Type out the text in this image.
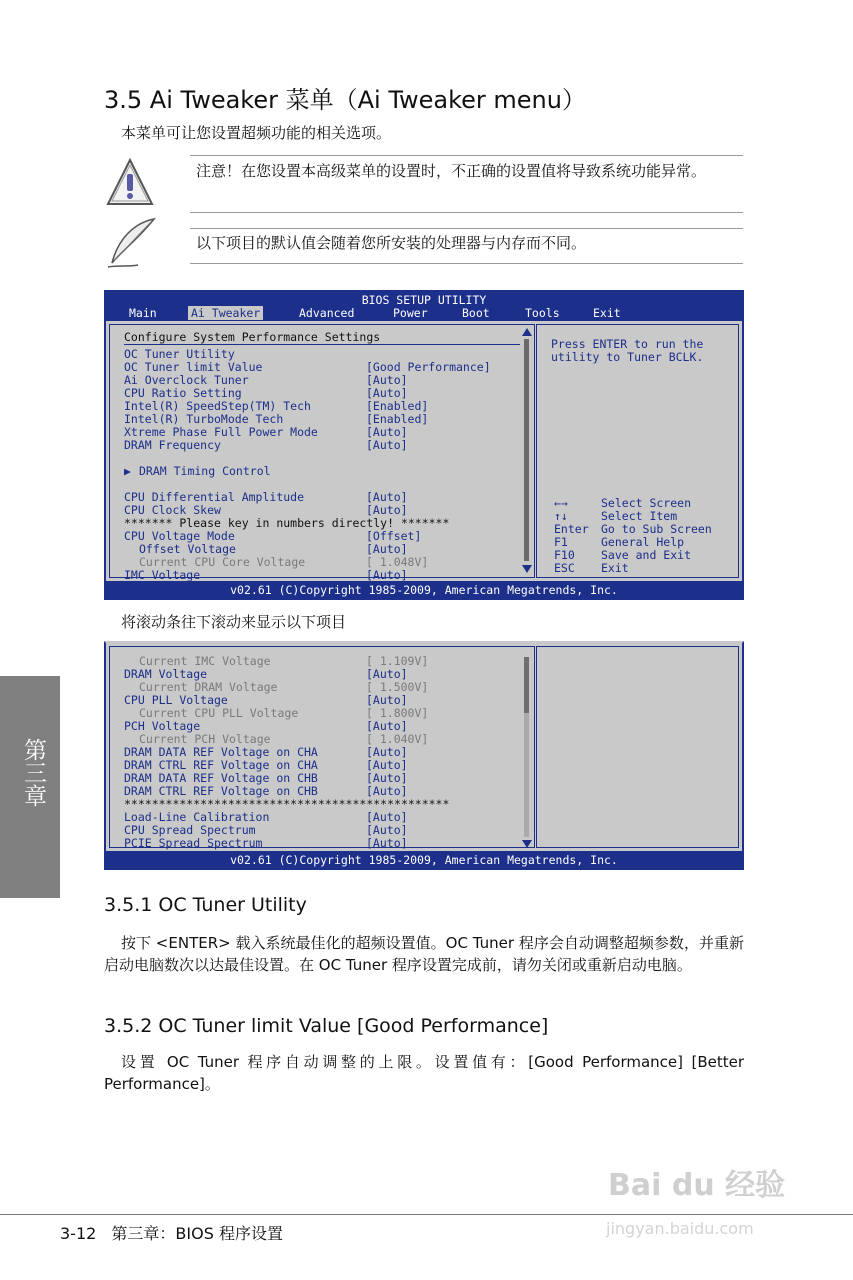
3.5 Ai Tweaker 菜单（Ai Tweaker menu）
本菜单可让您设置超频功能的相关选项。
注意！在您设置本高级菜单的设置时，不正确的设置值将导致系统功能异常。
以下项目的默认值会随着您所安装的处理器与内存而不同。
BIOS SETUP UTILITY
Main	Ai Tweaker	Advanced	Power	Boot	Tools	Exit
Configure System Performance Settings
OC Tuner Utility
OC Tuner limit Value	[Good Performance]
Ai Overclock Tuner	[Auto]
CPU Ratio Setting	[Auto]
Intel(R) SpeedStep(TM) Tech	[Enabled]
Intel(R) TurboMode Tech	[Enabled]
Xtreme Phase Full Power Mode	[Auto]
DRAM Frequency	[Auto]
▶ DRAM Timing Control
CPU Differential Amplitude	[Auto]
CPU Clock Skew	[Auto]
******* Please key in numbers directly! *******
CPU Voltage Mode	[Offset]
Offset Voltage	[Auto]
Current CPU Core Voltage	[ 1.048V]
IMC Voltage	[Auto]
Press ENTER to run the
utility to Tuner BCLK.
←→	Select Screen
↑↓	Select Item
Enter Go to Sub Screen
F1	General Help
F10 Save and Exit
ESC Exit
v02.61 (C)Copyright 1985-2009, American Megatrends, Inc.
将滚动条往下滚动来显示以下项目
Current IMC Voltage	[ 1.109V]
DRAM Voltage	[Auto]
Current DRAM Voltage	[ 1.500V]
CPU PLL Voltage	[Auto]
Current CPU PLL Voltage	[ 1.800V]
PCH Voltage	[Auto]
Current PCH Voltage	[ 1.040V]
DRAM DATA REF Voltage on CHA	[Auto]
DRAM CTRL REF Voltage on CHA	[Auto]
DRAM DATA REF Voltage on CHB	[Auto]
DRAM CTRL REF Voltage on CHB	[Auto]
***********************************************
Load-Line Calibration	[Auto]
CPU Spread Spectrum	[Auto]
PCIE Spread Spectrum	[Auto]
v02.61 (C)Copyright 1985-2009, American Megatrends, Inc.
3.5.1 OC Tuner Utility
按下 <ENTER> 载入系统最佳化的超频设置值。OC Tuner 程序会自动调整超频参数，并重新启动电脑数次以达最佳设置。在 OC Tuner 程序设置完成前，请勿关闭或重新启动电脑。
3.5.2 OC Tuner limit Value [Good Performance]
设置 OC Tuner 程序自动调整的上限。设置值有：[Good Performance] [Better Performance]。
第三章
Bai du 经验
jingyan.baidu.com
3-12 第三章：BIOS 程序设置
